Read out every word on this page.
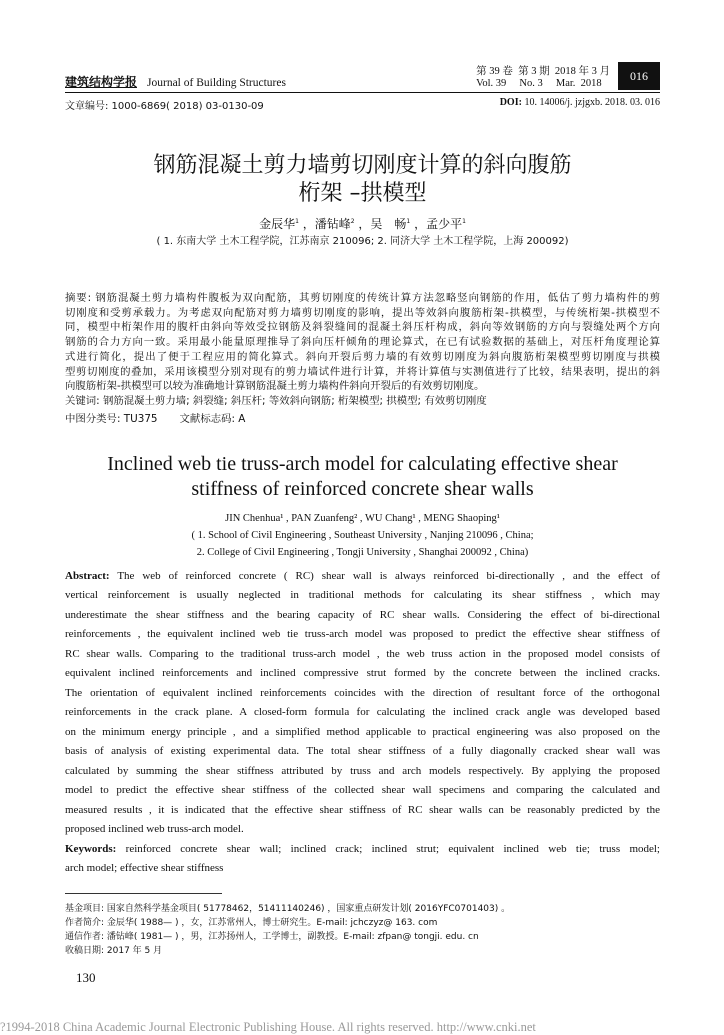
建筑结构学报 Journal of Building Structures
第 39 卷  第 3 期  2018 年 3 月
Vol. 39     No. 3     Mar.  2018
016
文章编号: 1000-6869( 2018) 03-0130-09	DOI: 10. 14006/j. jzjgxb. 2018. 03. 016
钢筋混凝土剪力墙剪切刚度计算的斜向腹筋
桁架 –拱模型
金辰华$^1$ ，潘钻峰$^2$ ，吴　畅$^1$ ，孟少平$^1$
( 1. 东南大学 土木工程学院，江苏南京 210096; 2. 同济大学 土木工程学院，上海 200092)
摘要: 钢筋混凝土剪力墙构件腹板为双向配筋，其剪切刚度的传统计算方法忽略竖向钢筋的作用，低估了剪力墙构件的剪
切刚度和受剪承载力。为考虑双向配筋对剪力墙剪切刚度的影响，提出等效斜向腹筋桁架-拱模型，与传统桁架-拱模型不
同，模型中桁架作用的腹杆由斜向等效受拉钢筋及斜裂缝间的混凝土斜压杆构成，斜向等效钢筋的方向与裂缝处两个方向
钢筋的合力方向一致。采用最小能量原理推导了斜向压杆倾角的理论算式，在已有试验数据的基础上，对压杆角度理论算
式进行简化，提出了便于工程应用的简化算式。斜向开裂后剪力墙的有效剪切刚度为斜向腹筋桁架模型剪切刚度与拱模
型剪切刚度的叠加，采用该模型分别对现有的剪力墙试件进行计算，并将计算值与实测值进行了比较，结果表明，提出的斜
向腹筋桁架-拱模型可以较为准确地计算钢筋混凝土剪力墙构件斜向开裂后的有效剪切刚度。
关键词: 钢筋混凝土剪力墙; 斜裂缝; 斜压杆; 等效斜向钢筋; 桁架模型; 拱模型; 有效剪切刚度
中图分类号: TU375 文献标志码: A
Inclined web tie truss-arch model for calculating effective shear
stiffness of reinforced concrete shear walls
JIN Chenhua¹ , PAN Zuanfeng² , WU Chang¹ , MENG Shaoping¹
( 1. School of Civil Engineering , Southeast University , Nanjing 210096 , China;
2. College of Civil Engineering , Tongji University , Shanghai 200092 , China)
Abstract: The web of reinforced concrete ( RC) shear wall is always reinforced bi-directionally , and the effect of
vertical reinforcement is usually neglected in traditional methods for calculating its shear stiffness , which may
underestimate the shear stiffness and the bearing capacity of RC shear walls. Considering the effect of bi-directional
reinforcements , the equivalent inclined web tie truss-arch model was proposed to predict the effective shear stiffness of
RC shear walls. Comparing to the traditional truss-arch model , the web truss action in the proposed model consists of
equivalent inclined reinforcements and inclined compressive strut formed by the concrete between the inclined cracks.
The orientation of equivalent inclined reinforcements coincides with the direction of resultant force of the orthogonal
reinforcements in the crack plane. A closed-form formula for calculating the inclined crack angle was developed based
on the minimum energy principle , and a simplified method applicable to practical engineering was also proposed on the
basis of analysis of existing experimental data. The total shear stiffness of a fully diagonally cracked shear wall was
calculated by summing the shear stiffness attributed by truss and arch models respectively. By applying the proposed
model to predict the effective shear stiffness of the collected shear wall specimens and comparing the calculated and
measured results , it is indicated that the effective shear stiffness of RC shear walls can be reasonably predicted by the
proposed inclined web truss-arch model.
Keywords: reinforced concrete shear wall; inclined crack; inclined strut; equivalent inclined web tie; truss model;
arch model; effective shear stiffness
基金项目: 国家自然科学基金项目( 51778462，51411140246) ，国家重点研发计划( 2016YFC0701403) 。
作者简介: 金辰华( 1988— ) ，女，江苏常州人，博士研究生。E-mail: jchczyz@ 163. com
通信作者: 潘钻峰( 1981— ) ，男，江苏扬州人，工学博士，副教授。E-mail: zfpan@ tongji. edu. cn
收稿日期: 2017 年 5 月
130
?1994-2018 China Academic Journal Electronic Publishing House. All rights reserved. http://www.cnki.net
